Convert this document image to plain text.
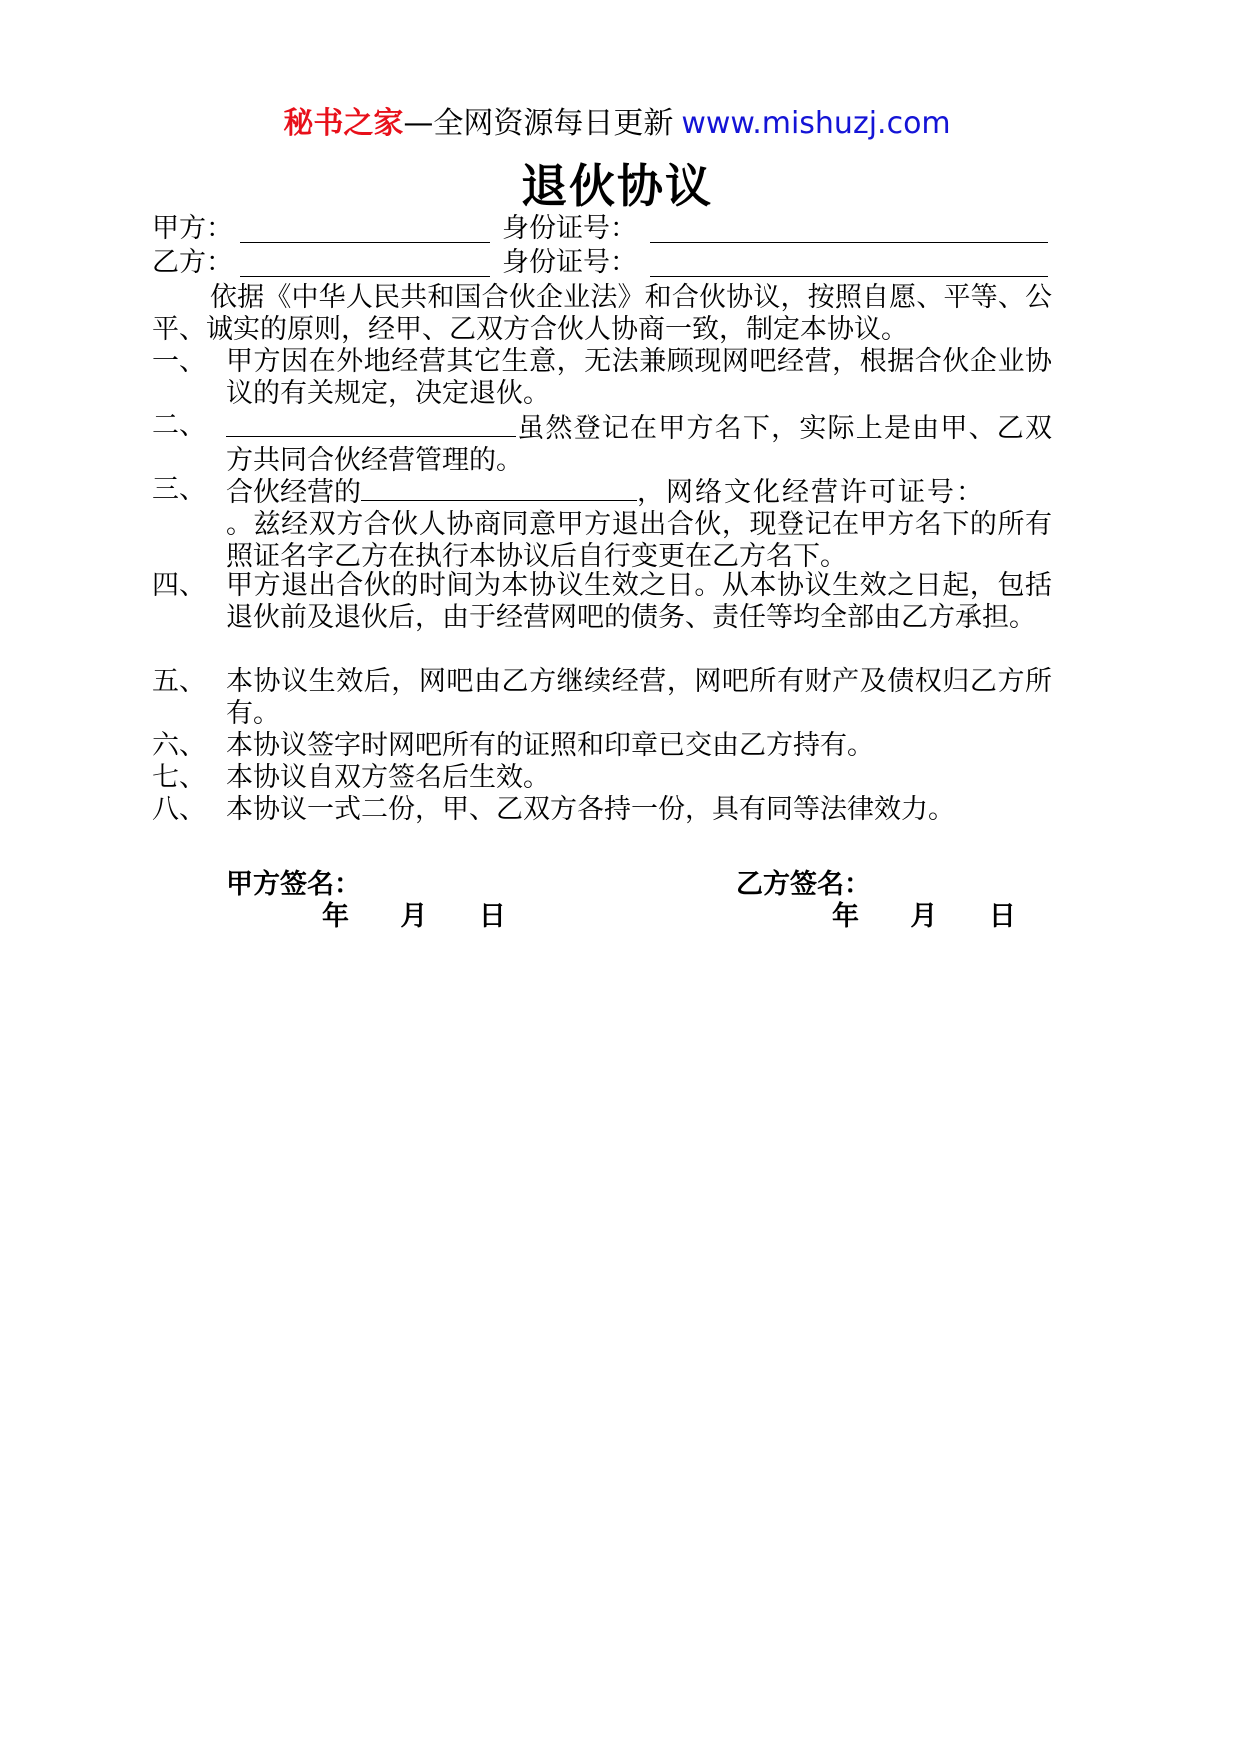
秘书之家—全网资源每日更新 www.mishuzj.com
退伙协议
甲方：	身份证号：
乙方：	身份证号：
依据《中华人民共和国合伙企业法》和合伙协议，按照自愿、平等、公平、诚实的原则，经甲、乙双方合伙人协商一致，制定本协议。
一、 甲方因在外地经营其它生意，无法兼顾现网吧经营，根据合伙企业协议的有关规定，决定退伙。
二、	虽然登记在甲方名下，实际上是由甲、乙双方共同合伙经营管理的。
三、 合伙经营的	，网络文化经营许可证号：
。兹经双方合伙人协商同意甲方退出合伙，现登记在甲方名下的所有照证名字乙方在执行本协议后自行变更在乙方名下。
四、 甲方退出合伙的时间为本协议生效之日。从本协议生效之日起，包括退伙前及退伙后，由于经营网吧的债务、责任等均全部由乙方承担。
五、 本协议生效后，网吧由乙方继续经营，网吧所有财产及债权归乙方所有。
六、 本协议签字时网吧所有的证照和印章已交由乙方持有。
七、 本协议自双方签名后生效。
八、 本协议一式二份，甲、乙双方各持一份，具有同等法律效力。
甲方签名：	乙方签名：
年 月 日	年 月 日
